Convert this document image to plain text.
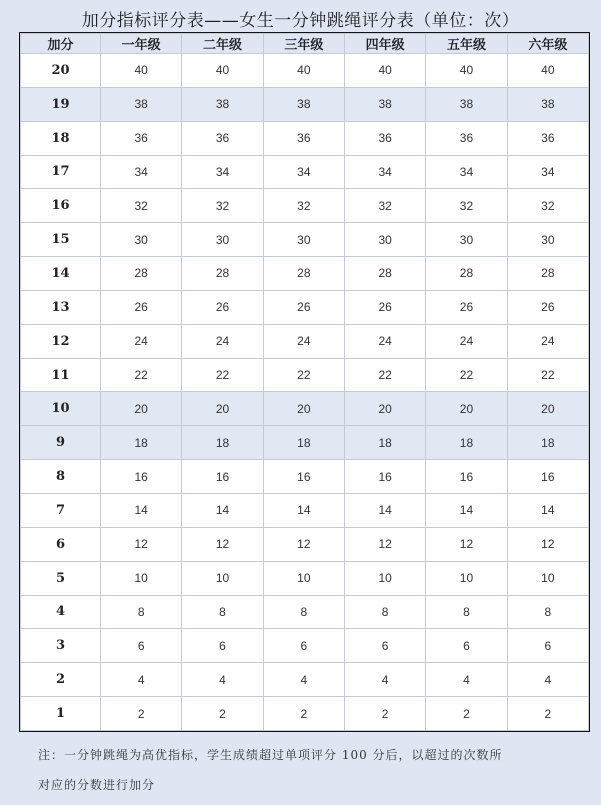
加分指标评分表——女生一分钟跳绳评分表（单位：次）
加分	一年级	二年级	三年级	四年级	五年级	六年级
20	40	40	40	40	40	40
19	38	38	38	38	38	38
18	36	36	36	36	36	36
17	34	34	34	34	34	34
16	32	32	32	32	32	32
15	30	30	30	30	30	30
14	28	28	28	28	28	28
13	26	26	26	26	26	26
12	24	24	24	24	24	24
11	22	22	22	22	22	22
10	20	20	20	20	20	20
9	18	18	18	18	18	18
8	16	16	16	16	16	16
7	14	14	14	14	14	14
6	12	12	12	12	12	12
5	10	10	10	10	10	10
4	8	8	8	8	8	8
3	6	6	6	6	6	6
2	4	4	4	4	4	4
1	2	2	2	2	2	2
注：一分钟跳绳为高优指标，学生成绩超过单项评分 100 分后，以超过的次数所
对应的分数进行加分
